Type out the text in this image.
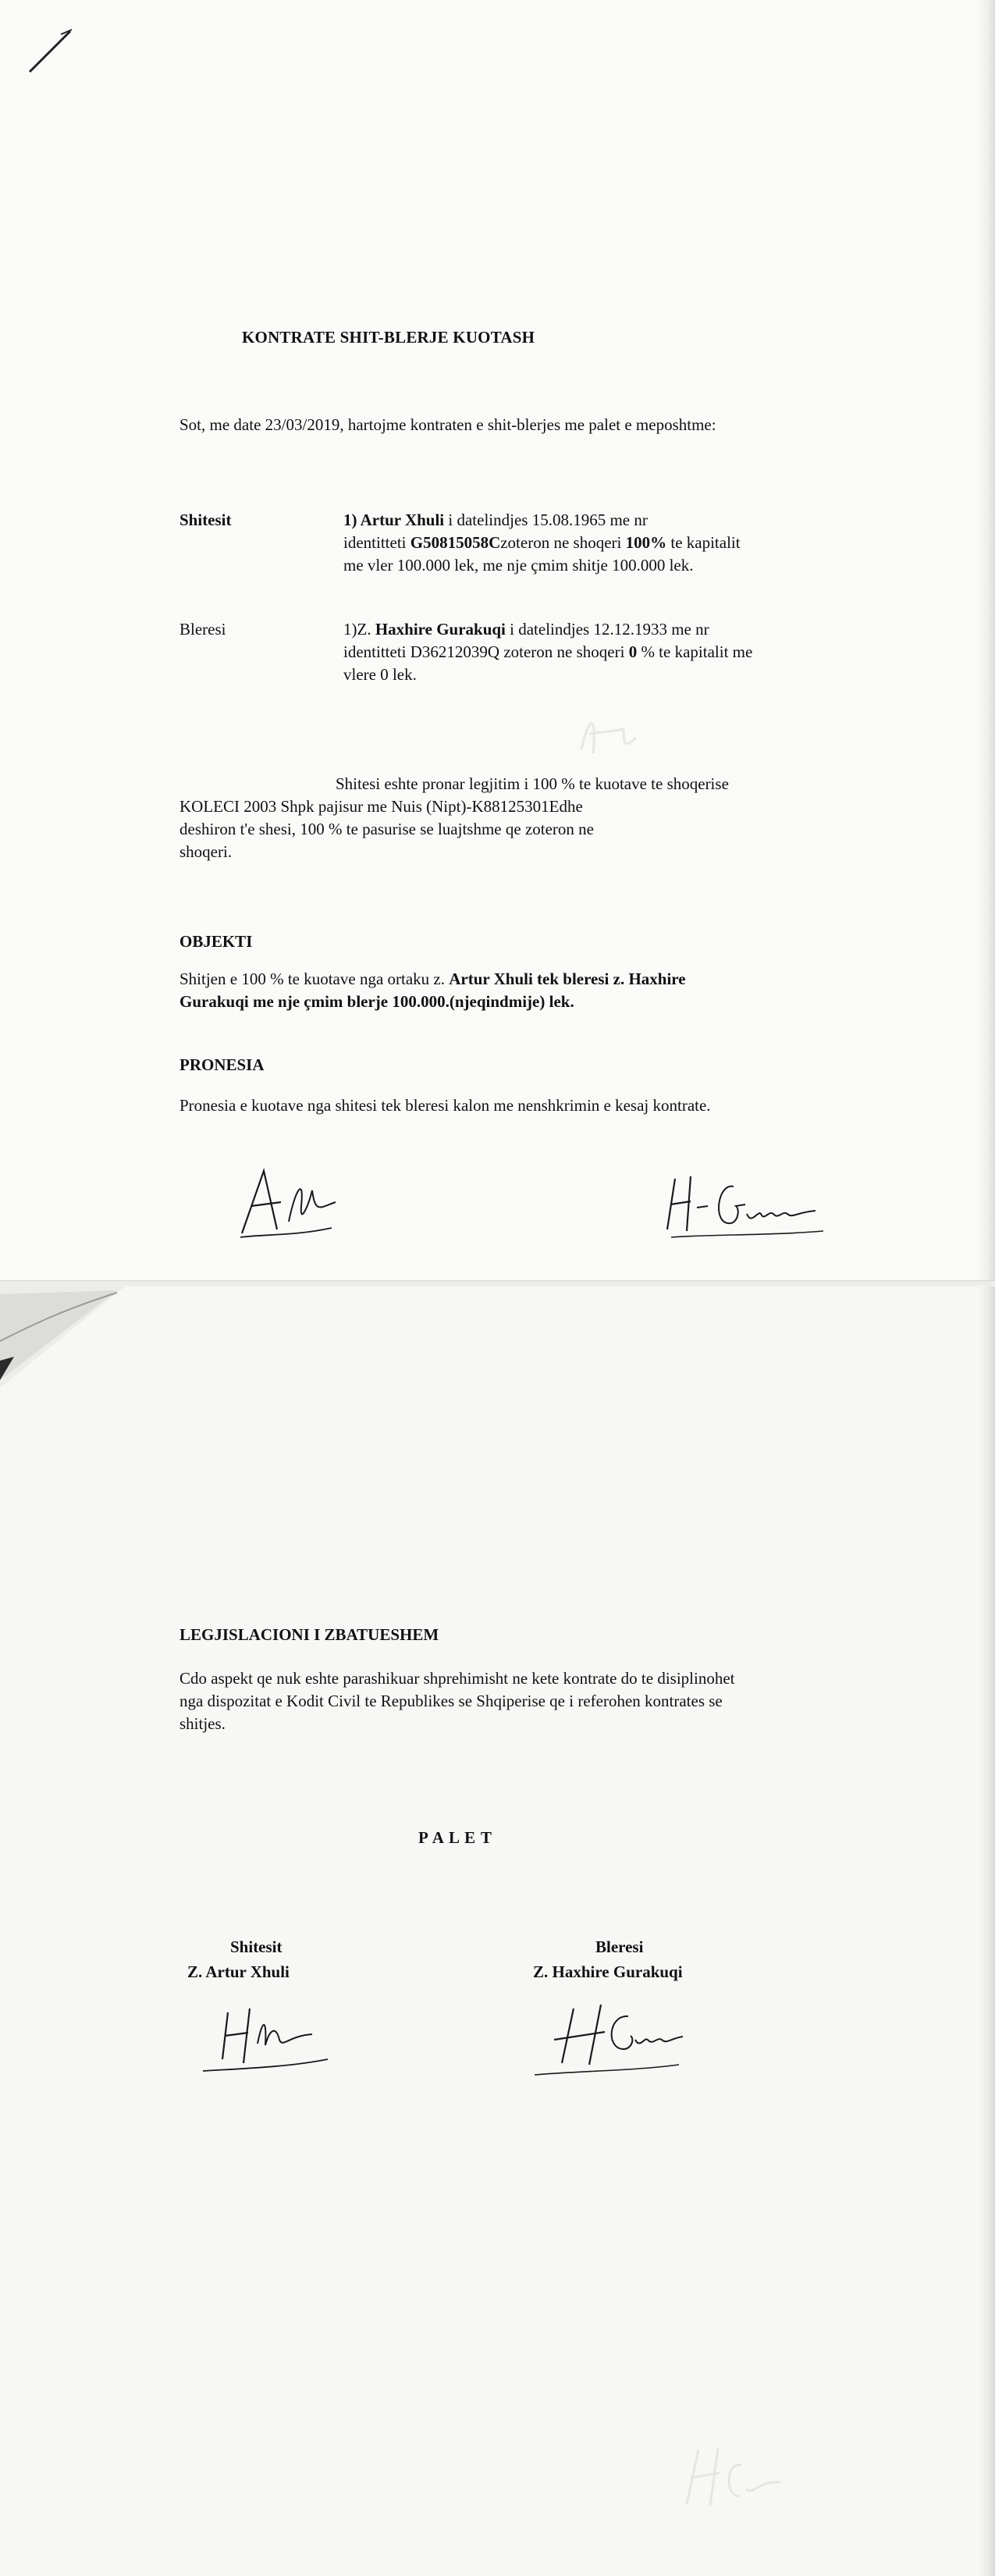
KONTRATE SHIT-BLERJE KUOTASH
Sot, me date 23/03/2019, hartojme kontraten e shit-blerjes me palet e meposhtme:
Shitesit	1) Artur Xhuli i datelindjes 15.08.1965 me nr
identitteti G50815058Czoteron ne shoqeri 100% te kapitalit
me vler 100.000 lek, me nje çmim shitje 100.000 lek.
Bleresi	1)Z. Haxhire Gurakuqi i datelindjes 12.12.1933 me nr
identitteti D36212039Q zoteron ne shoqeri 0 % te kapitalit me
vlere 0 lek.
Shitesi eshte pronar legjitim i 100 % te kuotave te shoqerise
KOLECI 2003 Shpk pajisur me Nuis (Nipt)-K88125301Edhe
deshiron t'e shesi, 100 % te pasurise se luajtshme qe zoteron ne
shoqeri.
OBJEKTI
Shitjen e 100 % te kuotave nga ortaku z. Artur Xhuli tek bleresi z. Haxhire
Gurakuqi me nje çmim blerje 100.000.(njeqindmije) lek.
PRONESIA
Pronesia e kuotave nga shitesi tek bleresi kalon me nenshkrimin e kesaj kontrate.
LEGJISLACIONI I ZBATUESHEM
Cdo aspekt qe nuk eshte parashikuar shprehimisht ne kete kontrate do te disiplinohet
nga dispozitat e Kodit Civil te Republikes se Shqiperise qe i referohen kontrates se
shitjes.
P A L E T
Shitesit
Z. Artur Xhuli
Bleresi
Z. Haxhire Gurakuqi
